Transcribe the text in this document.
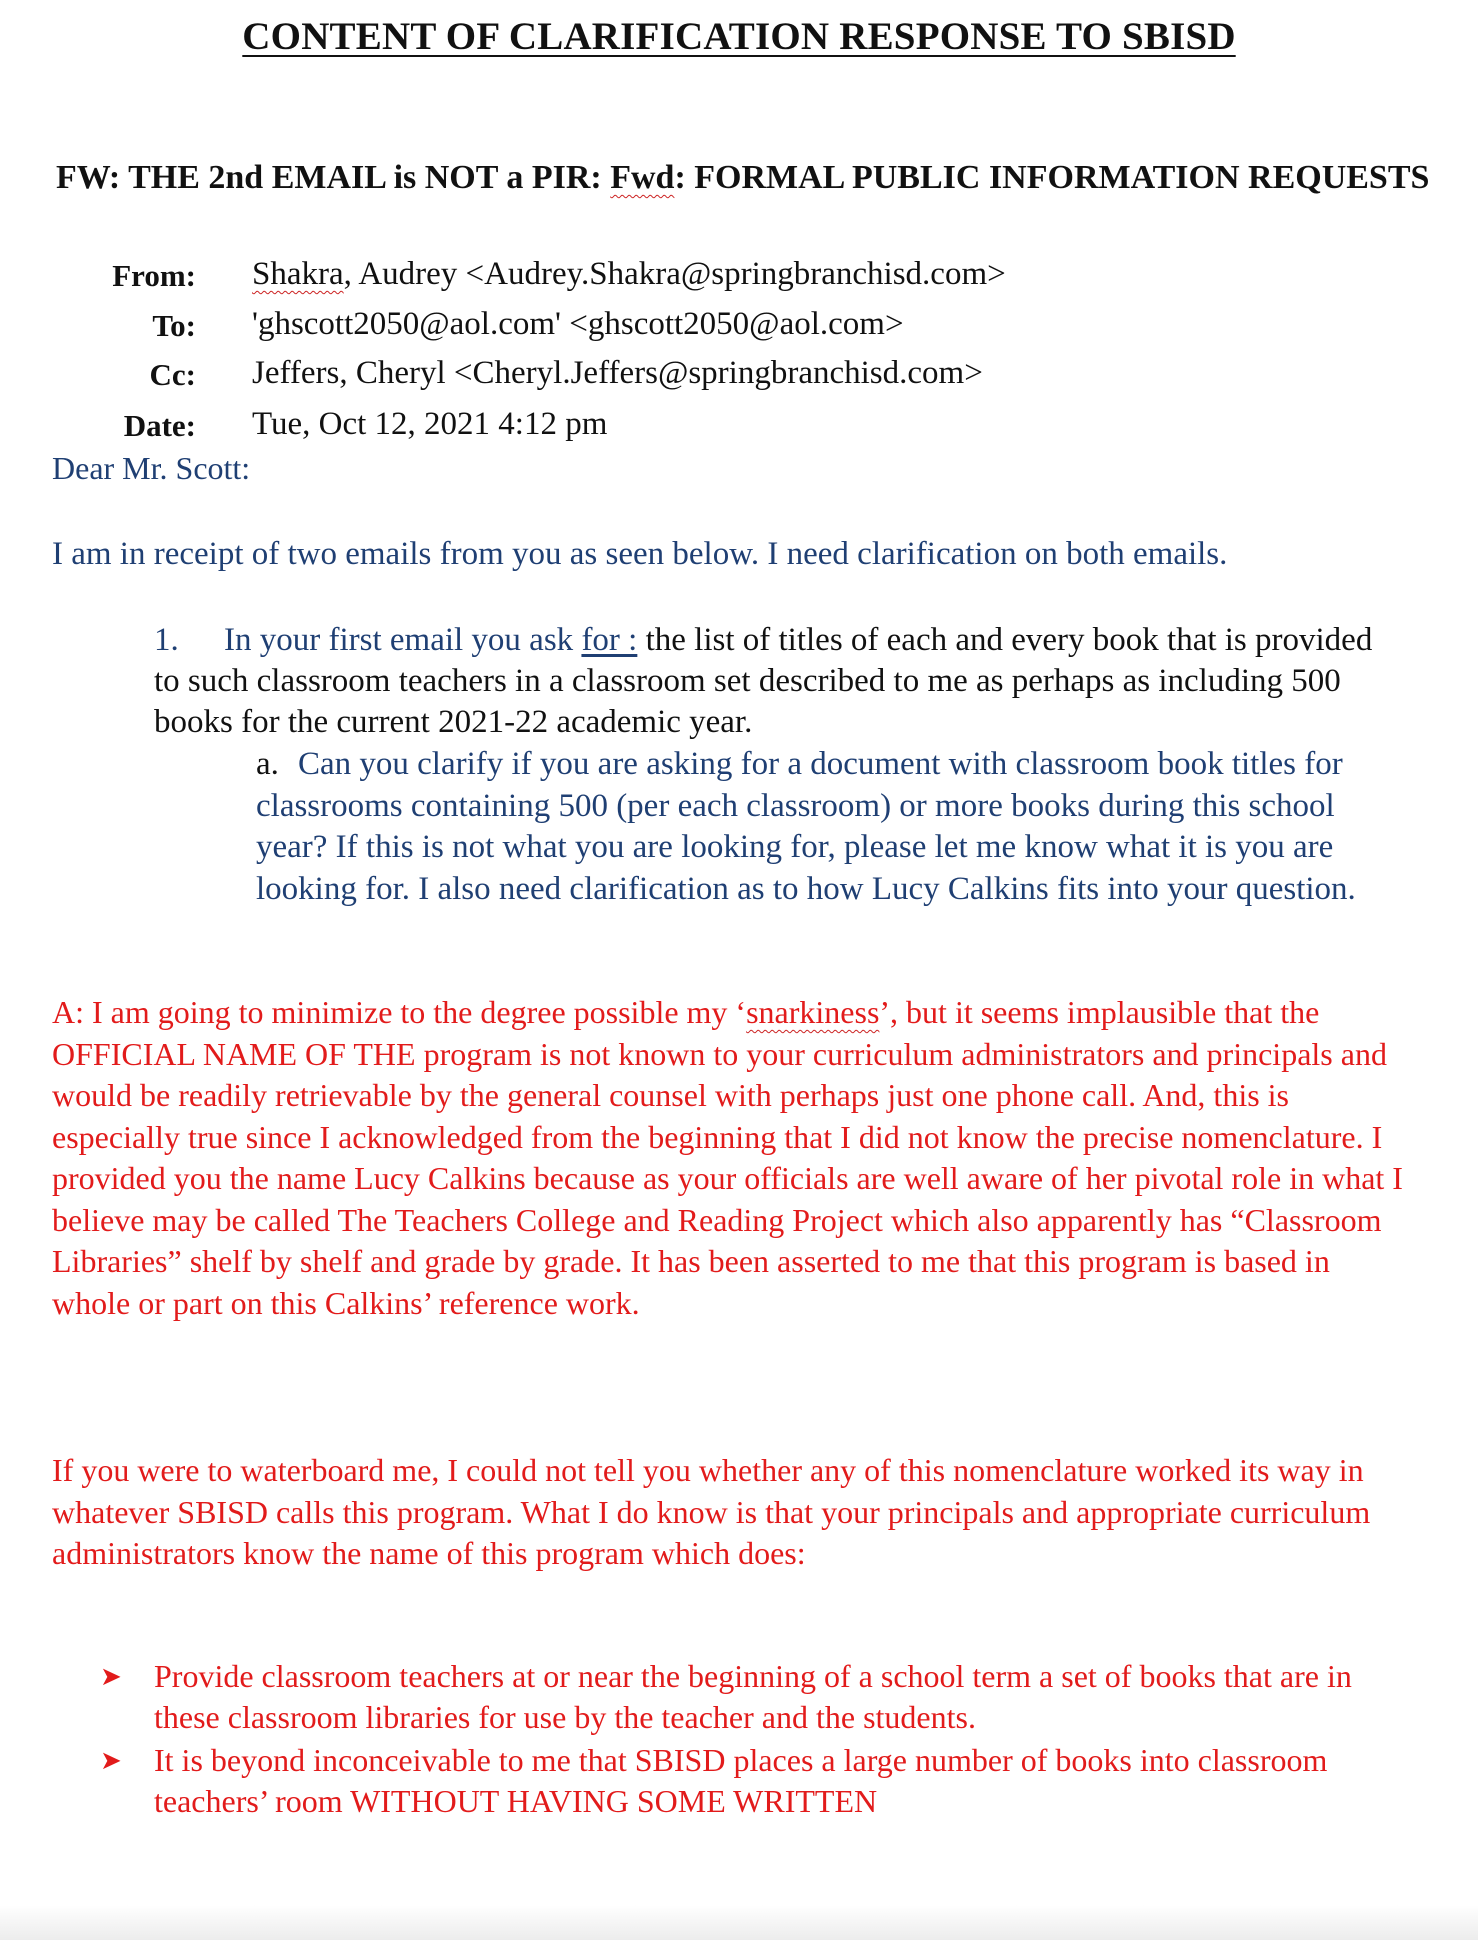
CONTENT OF CLARIFICATION RESPONSE TO SBISD
FW: THE 2nd EMAIL is NOT a PIR: Fwd: FORMAL PUBLIC INFORMATION REQUESTS
From: Shakra, Audrey <Audrey.Shakra@springbranchisd.com>
To: 'ghscott2050@aol.com' <ghscott2050@aol.com>
Cc: Jeffers, Cheryl <Cheryl.Jeffers@springbranchisd.com>
Date: Tue, Oct 12, 2021 4:12 pm
Dear Mr. Scott:
I am in receipt of two emails from you as seen below. I need clarification on both emails.
1. In your first email you ask for : the list of titles of each and every book that is provided to such classroom teachers in a classroom set described to me as perhaps as including 500 books for the current 2021-22 academic year.
a. Can you clarify if you are asking for a document with classroom book titles for classrooms containing 500 (per each classroom) or more books during this school year? If this is not what you are looking for, please let me know what it is you are looking for. I also need clarification as to how Lucy Calkins fits into your question.
A: I am going to minimize to the degree possible my ‘snarkiness’, but it seems implausible that the OFFICIAL NAME OF THE program is not known to your curriculum administrators and principals and would be readily retrievable by the general counsel with perhaps just one phone call. And, this is especially true since I acknowledged from the beginning that I did not know the precise nomenclature. I provided you the name Lucy Calkins because as your officials are well aware of her pivotal role in what I believe may be called The Teachers College and Reading Project which also apparently has “Classroom Libraries” shelf by shelf and grade by grade. It has been asserted to me that this program is based in whole or part on this Calkins’ reference work.
If you were to waterboard me, I could not tell you whether any of this nomenclature worked its way in whatever SBISD calls this program. What I do know is that your principals and appropriate curriculum administrators know the name of this program which does:
➤ Provide classroom teachers at or near the beginning of a school term a set of books that are in these classroom libraries for use by the teacher and the students.
➤ It is beyond inconceivable to me that SBISD places a large number of books into classroom teachers’ room WITHOUT HAVING SOME WRITTEN
